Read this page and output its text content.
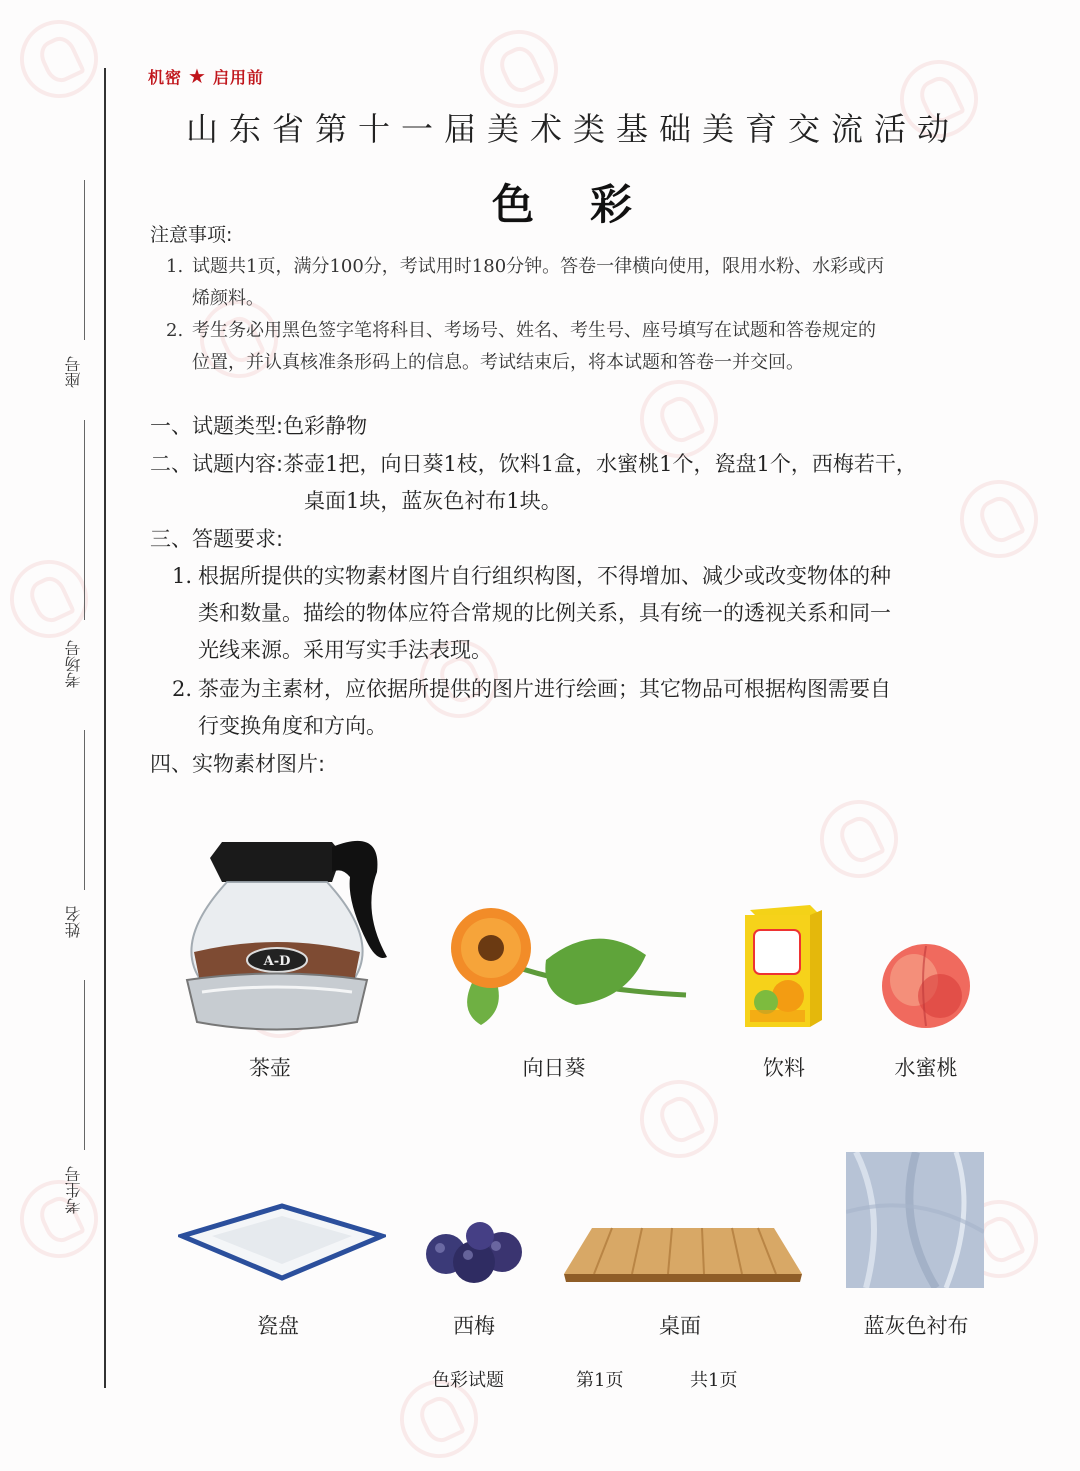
座号
考场号
姓名
考生号
机密 ★ 启用前
山东省第十一届美术类基础美育交流活动
色彩
注意事项:
1. 试题共1页，满分100分，考试用时180分钟。答卷一律横向使用，限用水粉、水彩或丙
烯颜料。
2. 考生务必用黑色签字笔将科目、考场号、姓名、考生号、座号填写在试题和答卷规定的
位置，并认真核准条形码上的信息。考试结束后，将本试题和答卷一并交回。
一、试题类型:色彩静物
二、试题内容:茶壶1把，向日葵1枝，饮料1盒，水蜜桃1个，瓷盘1个，西梅若干，
桌面1块，蓝灰色衬布1块。
三、答题要求:
1. 根据所提供的实物素材图片自行组织构图，不得增加、减少或改变物体的种
类和数量。描绘的物体应符合常规的比例关系，具有统一的透视关系和同一
光线来源。采用写实手法表现。
2. 茶壶为主素材，应依据所提供的图片进行绘画；其它物品可根据构图需要自
行变换角度和方向。
四、实物素材图片:
A-D
茶壶	向日葵	饮料	水蜜桃
瓷盘	西梅	桌面	蓝灰色衬布
色彩试题	第1页	共1页
